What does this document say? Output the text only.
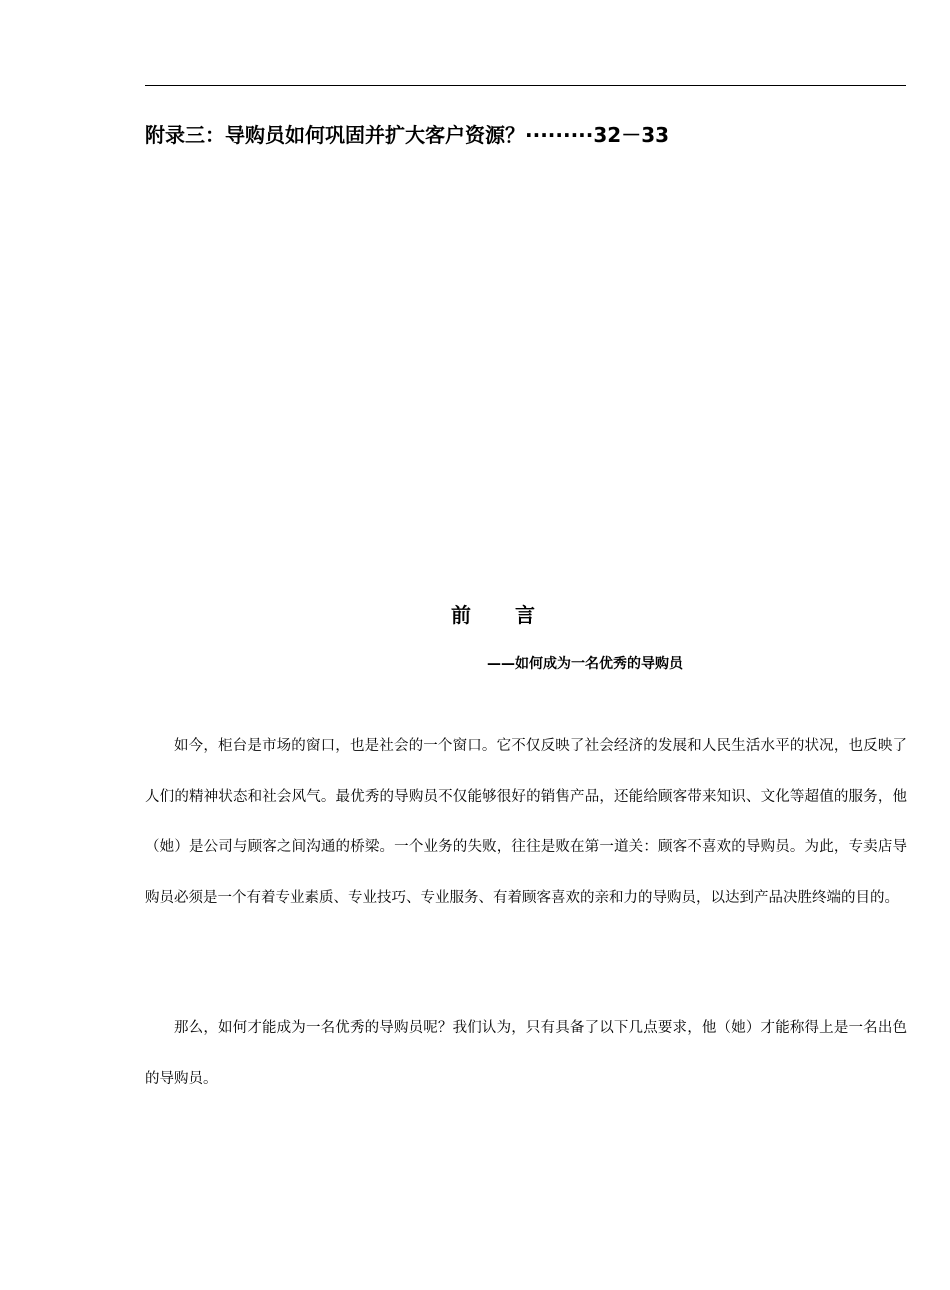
附录三：导购员如何巩固并扩大客户资源？·········32－33
前言
——如何成为一名优秀的导购员

如今，柜台是市场的窗口，也是社会的一个窗口。它不仅反映了社会经济的发展和人民生活水平的状况，也反映了人们的精神状态和社会风气。最优秀的导购员不仅能够很好的销售产品，还能给顾客带来知识、文化等超值的服务，他（她）是公司与顾客之间沟通的桥梁。一个业务的失败，往往是败在第一道关：顾客不喜欢的导购员。为此，专卖店导购员必须是一个有着专业素质、专业技巧、专业服务、有着顾客喜欢的亲和力的导购员，以达到产品决胜终端的目的。

那么，如何才能成为一名优秀的导购员呢？我们认为，只有具备了以下几点要求，他（她）才能称得上是一名出色的导购员。
